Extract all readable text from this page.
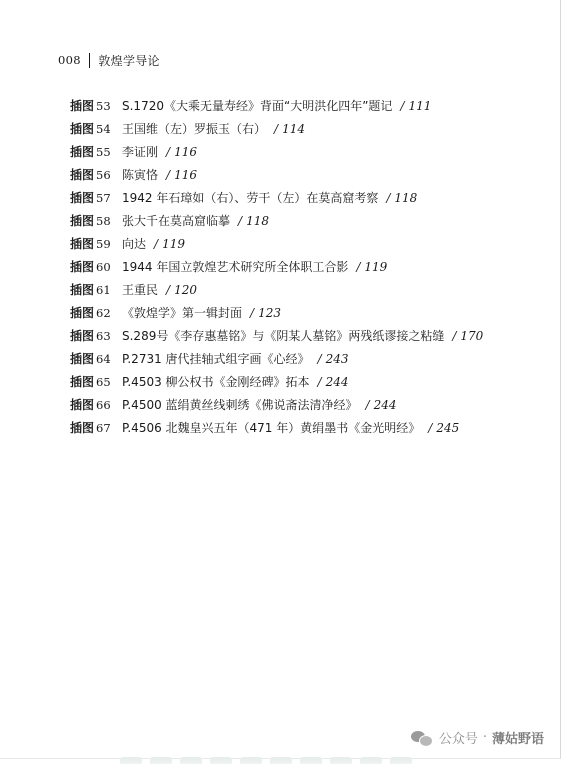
008 敦煌学导论
插图 53 S.1720《大乘无量寿经》背面“大明洪化四年”题记 / 111
插图 54 王国维（左）罗振玉（右） / 114
插图 55 李证刚 / 116
插图 56 陈寅恪 / 116
插图 57 1942 年石璋如（右）、劳干（左）在莫高窟考察 / 118
插图 58 张大千在莫高窟临摹 / 118
插图 59 向达 / 119
插图 60 1944 年国立敦煌艺术研究所全体职工合影 / 119
插图 61 王重民 / 120
插图 62 《敦煌学》第一辑封面 / 123
插图 63 S.289号《李存惠墓铭》与《阴某人墓铭》两残纸谬接之粘缝 / 170
插图 64 P.2731 唐代挂轴式组字画《心经》 / 243
插图 65 P.4503 柳公权书《金刚经碑》拓本 / 244
插图 66 P.4500 蓝绢黄丝线刺绣《佛说斋法清净经》 / 244
插图 67 P.4506 北魏皇兴五年（471 年）黄绢墨书《金光明经》 / 245
公众号 · 薄姑野语
